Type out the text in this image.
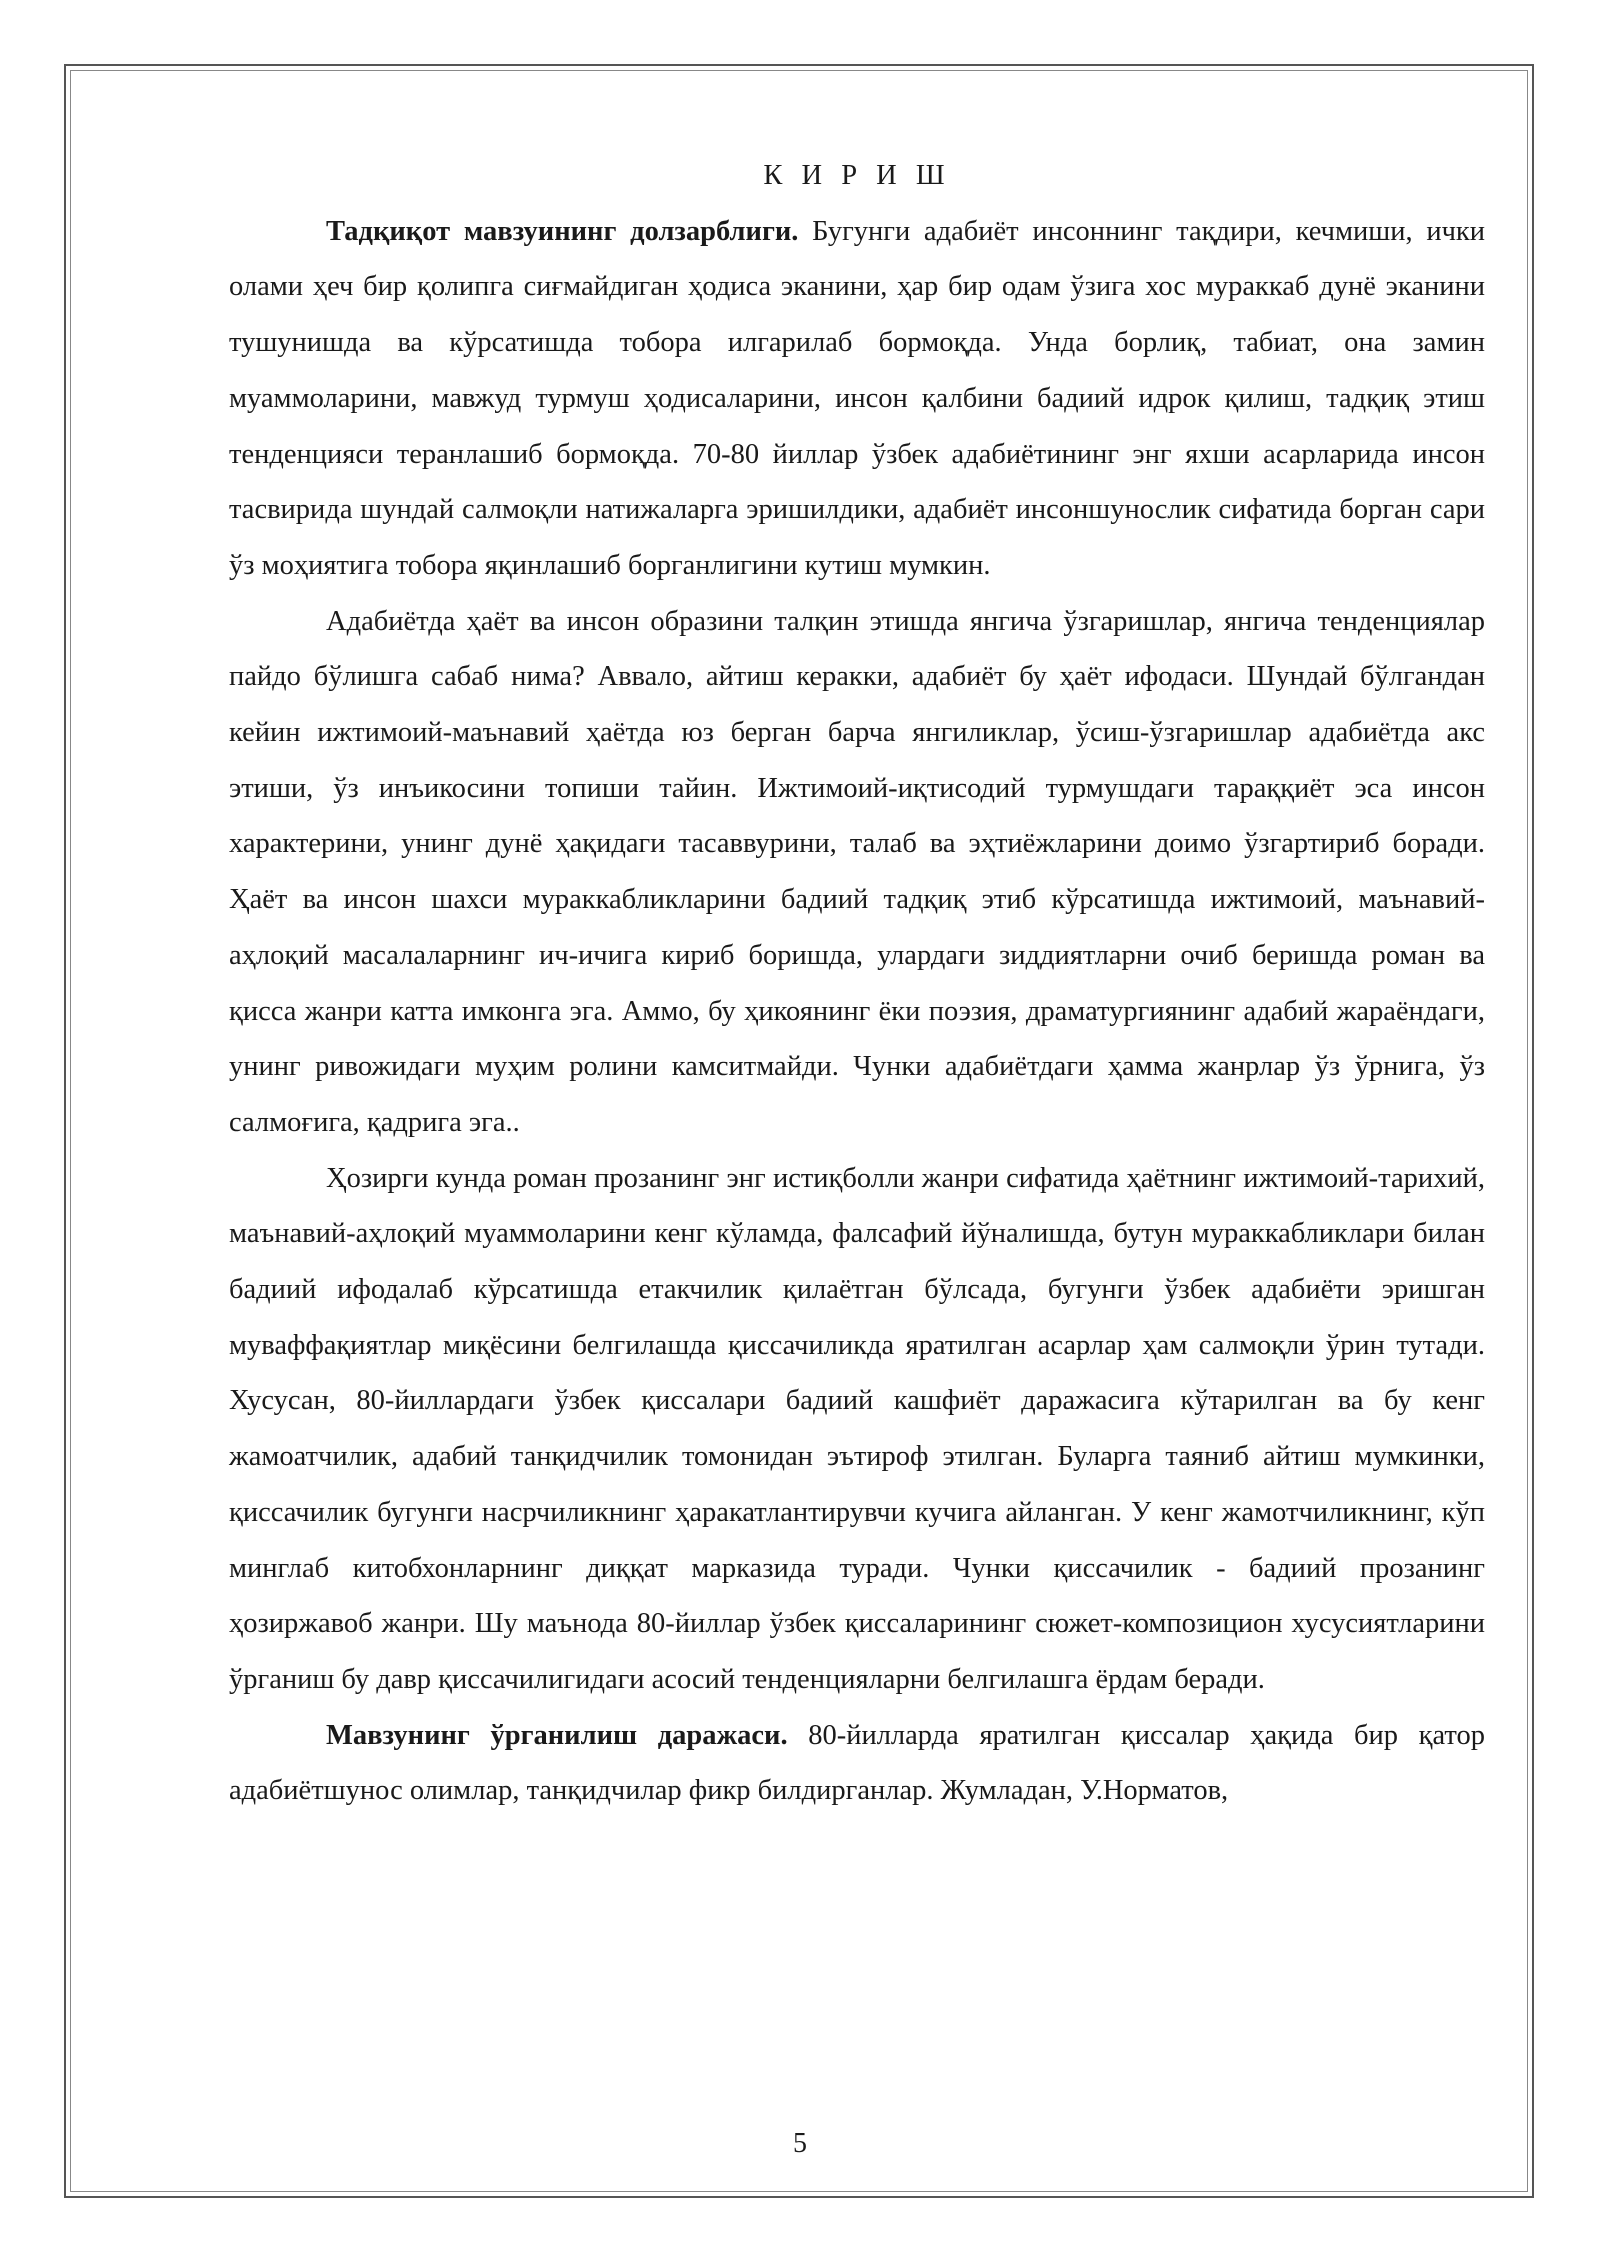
К И Р И Ш

Тадқиқот мавзуининг долзарблиги. Бугунги адабиёт инсоннинг тақдири, кечмиши, ички олами ҳеч бир қолипга сиғмайдиган ҳодиса эканини, ҳар бир одам ўзига хос мураккаб дунё эканини тушунишда ва кўрсатишда тобора илгарилаб бормоқда. Унда борлиқ, табиат, она замин муаммоларини, мавжуд турмуш ҳодисаларини, инсон қалбини бадиий идрок қилиш, тадқиқ этиш тенденцияси теранлашиб бормоқда. 70-80 йиллар ўзбек адабиётининг энг яхши асарларида инсон тасвирида шундай салмоқли натижаларга эришилдики, адабиёт инсоншунослик сифатида борган сари ўз моҳиятига тобора яқинлашиб борганлигини кутиш мумкин.

Адабиётда ҳаёт ва инсон образини талқин этишда янгича ўзгаришлар, янгича тенденциялар пайдо бўлишга сабаб нима? Аввало, айтиш керакки, адабиёт бу ҳаёт ифодаси. Шундай бўлгандан кейин ижтимоий-маънавий ҳаётда юз берган барча янгиликлар, ўсиш-ўзгаришлар адабиётда акс этиши, ўз инъикосини топиши тайин. Ижтимоий-иқтисодий турмушдаги тараққиёт эса инсон характерини, унинг дунё ҳақидаги тасаввурини, талаб ва эҳтиёжларини доимо ўзгартириб боради. Ҳаёт ва инсон шахси мураккабликларини бадиий тадқиқ этиб кўрсатишда ижтимоий, маънавий-аҳлоқий масалаларнинг ич-ичига кириб боришда, улардаги зиддиятларни очиб беришда роман ва қисса жанри катта имконга эга. Аммо, бу ҳикоянинг ёки поэзия, драматургиянинг адабий жараёндаги, унинг ривожидаги муҳим ролини камситмайди. Чунки адабиётдаги ҳамма жанрлар ўз ўрнига, ўз салмоғига, қадрига эга..

Ҳозирги кунда роман прозанинг энг истиқболли жанри сифатида ҳаётнинг ижтимоий-тарихий, маънавий-аҳлоқий муаммоларини кенг кўламда, фалсафий йўналишда, бутун мураккабликлари билан бадиий ифодалаб кўрсатишда етакчилик қилаётган бўлсада, бугунги ўзбек адабиёти эришган муваффақиятлар миқёсини белгилашда қиссачиликда яратилган асарлар ҳам салмоқли ўрин тутади. Хусусан, 80-йиллардаги ўзбек қиссалари бадиий кашфиёт даражасига кўтарилган ва бу кенг жамоатчилик, адабий танқидчилик томонидан эътироф этилган. Буларга таяниб айтиш мумкинки, қиссачилик бугунги насрчиликнинг ҳаракатлантирувчи кучига айланган. У кенг жамотчиликнинг, кўп минглаб китобхонларнинг диққат марказида туради. Чунки қиссачилик - бадиий прозанинг ҳозиржавоб жанри. Шу маънода 80-йиллар ўзбек қиссаларининг сюжет-композицион хусусиятларини ўрганиш бу давр қиссачилигидаги асосий тенденцияларни белгилашга ёрдам беради.

Мавзунинг ўрганилиш даражаси. 80-йилларда яратилган қиссалар ҳақида бир қатор адабиётшунос олимлар, танқидчилар фикр билдирганлар. Жумладан, У.Норматов,

5
